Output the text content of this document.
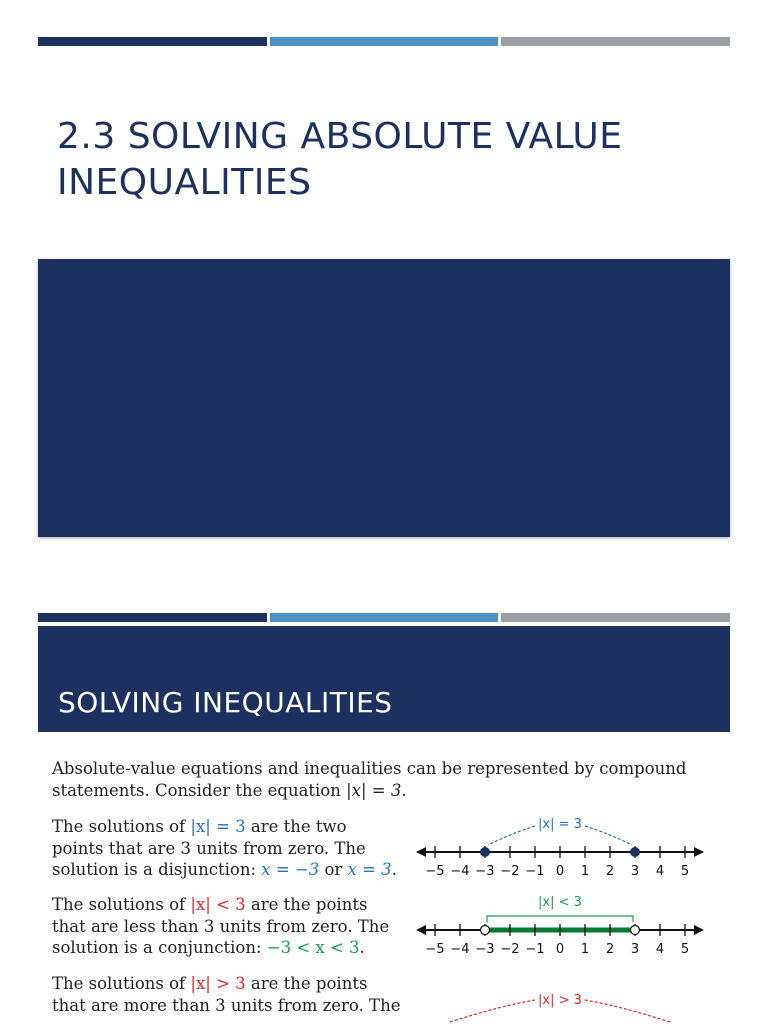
2.3 SOLVING ABSOLUTE VALUE INEQUALITIES
SOLVING INEQUALITIES
Absolute-value equations and inequalities can be represented by compound
statements. Consider the equation |x| = 3.
The solutions of |x| = 3 are the two
points that are 3 units from zero. The
solution is a disjunction: x = −3 or x = 3.
The solutions of |x| < 3 are the points
that are less than 3 units from zero. The
solution is a conjunction: −3 < x < 3.
The solutions of |x| > 3 are the points
that are more than 3 units from zero. The
|x| = 3
−5 −4 −3 −2 −1 0 1 2 3 4 5
|x| < 3
−5 −4 −3 −2 −1 0 1 2 3 4 5
|x| > 3
